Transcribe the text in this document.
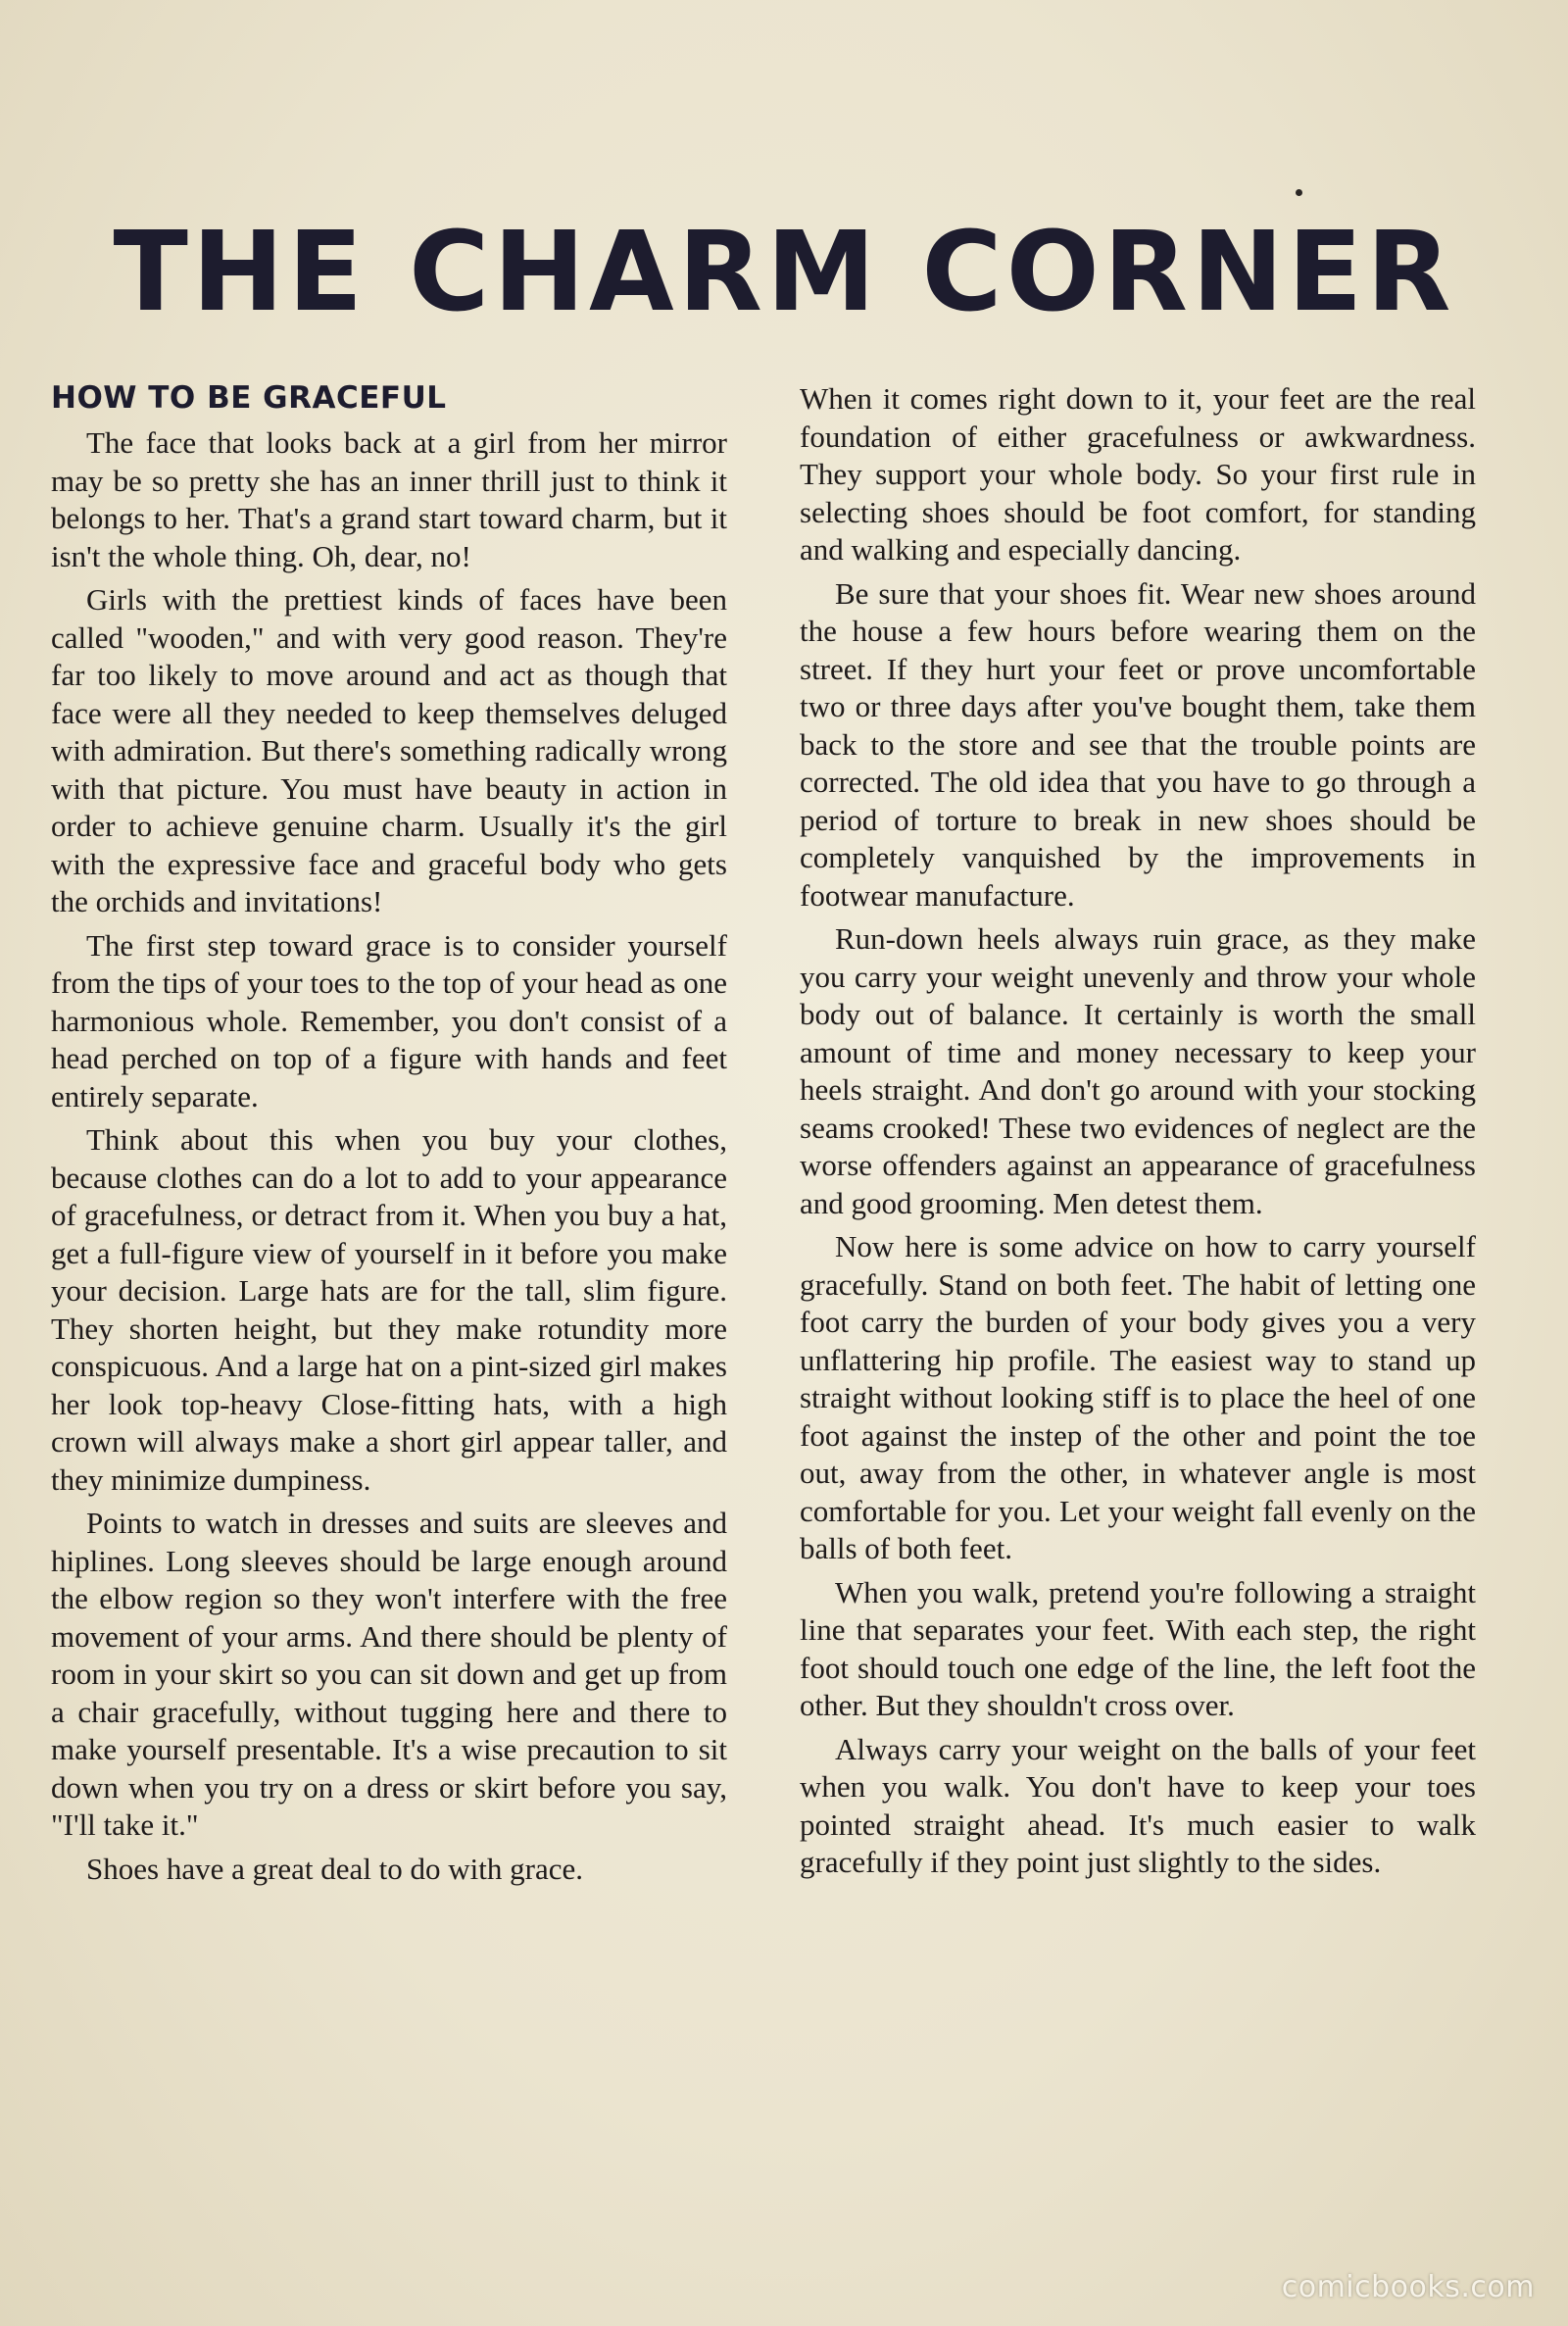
THE CHARM CORNER
HOW TO BE GRACEFUL

The face that looks back at a girl from her mirror may be so pretty she has an inner thrill just to think it belongs to her. That's a grand start toward charm, but it isn't the whole thing. Oh, dear, no!

Girls with the prettiest kinds of faces have been called "wooden," and with very good reason. They're far too likely to move around and act as though that face were all they needed to keep themselves deluged with admiration. But there's something radically wrong with that picture. You must have beauty in action in order to achieve genuine charm. Usually it's the girl with the expressive face and graceful body who gets the orchids and invitations!

The first step toward grace is to consider yourself from the tips of your toes to the top of your head as one harmonious whole. Remember, you don't consist of a head perched on top of a figure with hands and feet entirely separate.

Think about this when you buy your clothes, because clothes can do a lot to add to your appearance of gracefulness, or detract from it. When you buy a hat, get a full-figure view of yourself in it before you make your decision. Large hats are for the tall, slim figure. They shorten height, but they make rotundity more conspicuous. And a large hat on a pint-sized girl makes her look top-heavy Close-fitting hats, with a high crown will always make a short girl appear taller, and they minimize dumpiness.

Points to watch in dresses and suits are sleeves and hiplines. Long sleeves should be large enough around the elbow region so they won't interfere with the free movement of your arms. And there should be plenty of room in your skirt so you can sit down and get up from a chair gracefully, without tugging here and there to make yourself presentable. It's a wise precaution to sit down when you try on a dress or skirt before you say, "I'll take it."

Shoes have a great deal to do with grace.

When it comes right down to it, your feet are the real foundation of either gracefulness or awkwardness. They support your whole body. So your first rule in selecting shoes should be foot comfort, for standing and walking and especially dancing.

Be sure that your shoes fit. Wear new shoes around the house a few hours before wearing them on the street. If they hurt your feet or prove uncomfortable two or three days after you've bought them, take them back to the store and see that the trouble points are corrected. The old idea that you have to go through a period of torture to break in new shoes should be completely vanquished by the improvements in footwear manufacture.

Run-down heels always ruin grace, as they make you carry your weight unevenly and throw your whole body out of balance. It certainly is worth the small amount of time and money necessary to keep your heels straight. And don't go around with your stocking seams crooked! These two evidences of neglect are the worse offenders against an appearance of gracefulness and good grooming. Men detest them.

Now here is some advice on how to carry yourself gracefully. Stand on both feet. The habit of letting one foot carry the burden of your body gives you a very unflattering hip profile. The easiest way to stand up straight without looking stiff is to place the heel of one foot against the instep of the other and point the toe out, away from the other, in whatever angle is most comfortable for you. Let your weight fall evenly on the balls of both feet.

When you walk, pretend you're following a straight line that separates your feet. With each step, the right foot should touch one edge of the line, the left foot the other. But they shouldn't cross over.

Always carry your weight on the balls of your feet when you walk. You don't have to keep your toes pointed straight ahead. It's much easier to walk gracefully if they point just slightly to the sides.

comicbooks.com
